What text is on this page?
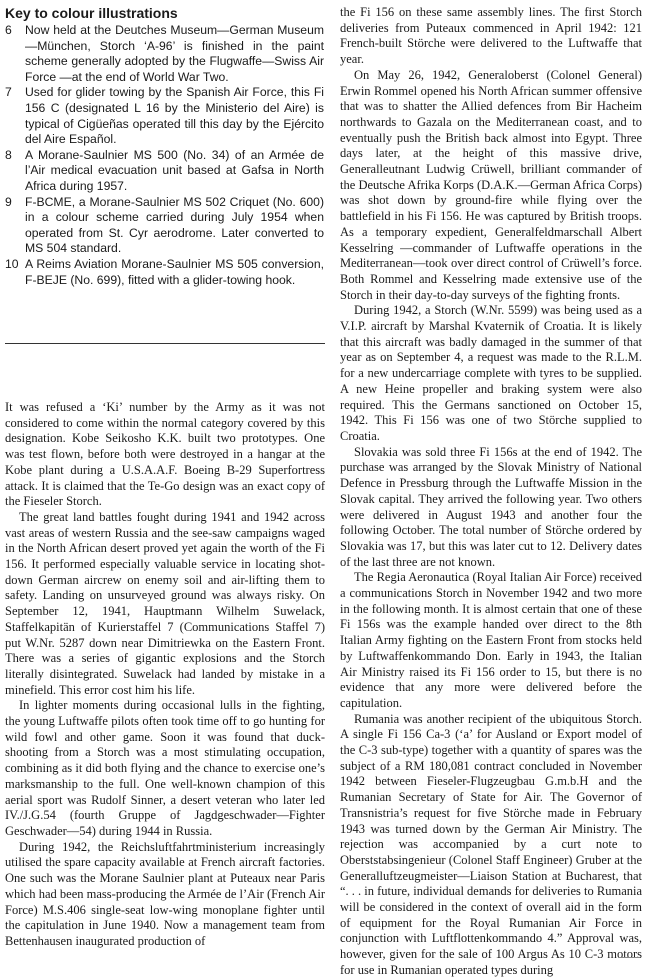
Key to colour illustrations
6	Now held at the Deutches Museum—German Museum—München, Storch ‘A-96’ is finished in the paint scheme generally adopted by the Flugwaffe—Swiss Air Force —at the end of World War Two.
7	Used for glider towing by the Spanish Air Force, this Fi 156 C (designated L 16 by the Ministerio del Aire) is typical of Cigüeñas operated till this day by the Ejército del Aire Español.
8	A Morane-Saulnier MS 500 (No. 34) of an Armée de l’Air medical evacuation unit based at Gafsa in North Africa during 1957.
9	F-BCME, a Morane-Saulnier MS 502 Criquet (No. 600) in a colour scheme carried during July 1954 when operated from St. Cyr aerodrome. Later converted to MS 504 standard.
10 A Reims Aviation Morane-Saulnier MS 505 conversion, F-BEJE (No. 699), fitted with a glider-towing hook.

It was refused a ‘Ki’ number by the Army as it was not considered to come within the normal category covered by this designation. Kobe Seikosho K.K. built two prototypes. One was test flown, before both were destroyed in a hangar at the Kobe plant during a U.S.A.A.F. Boeing B-29 Superfortress attack. It is claimed that the Te-Go design was an exact copy of the Fieseler Storch.

The great land battles fought during 1941 and 1942 across vast areas of western Russia and the see-saw campaigns waged in the North African desert proved yet again the worth of the Fi 156. It performed especially valuable service in locating shot-down German aircrew on enemy soil and air-lifting them to safety. Landing on unsurveyed ground was always risky. On September 12, 1941, Hauptmann Wilhelm Suwelack, Staffelkapitän of Kurierstaffel 7 (Communications Staffel 7) put W.Nr. 5287 down near Dimitriewka on the Eastern Front. There was a series of gigantic explosions and the Storch literally disintegrated. Suwelack had landed by mistake in a minefield. This error cost him his life.

In lighter moments during occasional lulls in the fighting, the young Luftwaffe pilots often took time off to go hunting for wild fowl and other game. Soon it was found that duck-shooting from a Storch was a most stimulating occupation, combining as it did both flying and the chance to exercise one’s marksmanship to the full. One well-known champion of this aerial sport was Rudolf Sinner, a desert veteran who later led IV./J.G.54 (fourth Gruppe of Jagdgeschwader—Fighter Geschwader—54) during 1944 in Russia.

During 1942, the Reichsluftfahrtministerium increasingly utilised the spare capacity available at French aircraft factories. One such was the Morane Saulnier plant at Puteaux near Paris which had been mass-producing the Armée de l’Air (French Air Force) M.S.406 single-seat low-wing monoplane fighter until the capitulation in June 1940. Now a management team from Bettenhausen inaugurated production of

the Fi 156 on these same assembly lines. The first Storch deliveries from Puteaux commenced in April 1942: 121 French-built Störche were delivered to the Luftwaffe that year.

On May 26, 1942, Generaloberst (Colonel General) Erwin Rommel opened his North African summer offensive that was to shatter the Allied defences from Bir Hacheim northwards to Gazala on the Mediterranean coast, and to eventually push the British back almost into Egypt. Three days later, at the height of this massive drive, Generalleutnant Ludwig Crüwell, brilliant commander of the Deutsche Afrika Korps (D.A.K.—German Africa Corps) was shot down by ground-fire while flying over the battlefield in his Fi 156. He was captured by British troops. As a temporary expedient, Generalfeldmarschall Albert Kesselring —commander of Luftwaffe operations in the Mediterranean—took over direct control of Crüwell’s force. Both Rommel and Kesselring made extensive use of the Storch in their day-to-day surveys of the fighting fronts.

During 1942, a Storch (W.Nr. 5599) was being used as a V.I.P. aircraft by Marshal Kvaternik of Croatia. It is likely that this aircraft was badly damaged in the summer of that year as on September 4, a request was made to the R.L.M. for a new undercarriage complete with tyres to be supplied. A new Heine propeller and braking system were also required. This the Germans sanctioned on October 15, 1942. This Fi 156 was one of two Störche supplied to Croatia.

Slovakia was sold three Fi 156s at the end of 1942. The purchase was arranged by the Slovak Ministry of National Defence in Pressburg through the Luftwaffe Mission in the Slovak capital. They arrived the following year. Two others were delivered in August 1943 and another four the following October. The total number of Störche ordered by Slovakia was 17, but this was later cut to 12. Delivery dates of the last three are not known.

The Regia Aeronautica (Royal Italian Air Force) received a communications Storch in November 1942 and two more in the following month. It is almost certain that one of these Fi 156s was the example handed over direct to the 8th Italian Army fighting on the Eastern Front from stocks held by Luftwaffenkommando Don. Early in 1943, the Italian Air Ministry raised its Fi 156 order to 15, but there is no evidence that any more were delivered before the capitulation.

Rumania was another recipient of the ubiquitous Storch. A single Fi 156 Ca-3 (‘a’ for Ausland or Export model of the C-3 sub-type) together with a quantity of spares was the subject of a RM 180,081 contract concluded in November 1942 between Fieseler-Flugzeugbau G.m.b.H and the Rumanian Secretary of State for Air. The Governor of Transnistria’s request for five Störche made in February 1943 was turned down by the German Air Ministry. The rejection was accompanied by a curt note to Oberststabsingenieur (Colonel Staff Engineer) Gruber at the Generalluftzeugmeister—Liaison Station at Bucharest, that “. . . in future, individual demands for deliveries to Rumania will be considered in the context of overall aid in the form of equipment for the Royal Rumanian Air Force in conjunction with Luftflottenkommando 4.” Approval was, however, given for the sale of 100 Argus As 10 C-3 motors for use in Rumanian operated types during
